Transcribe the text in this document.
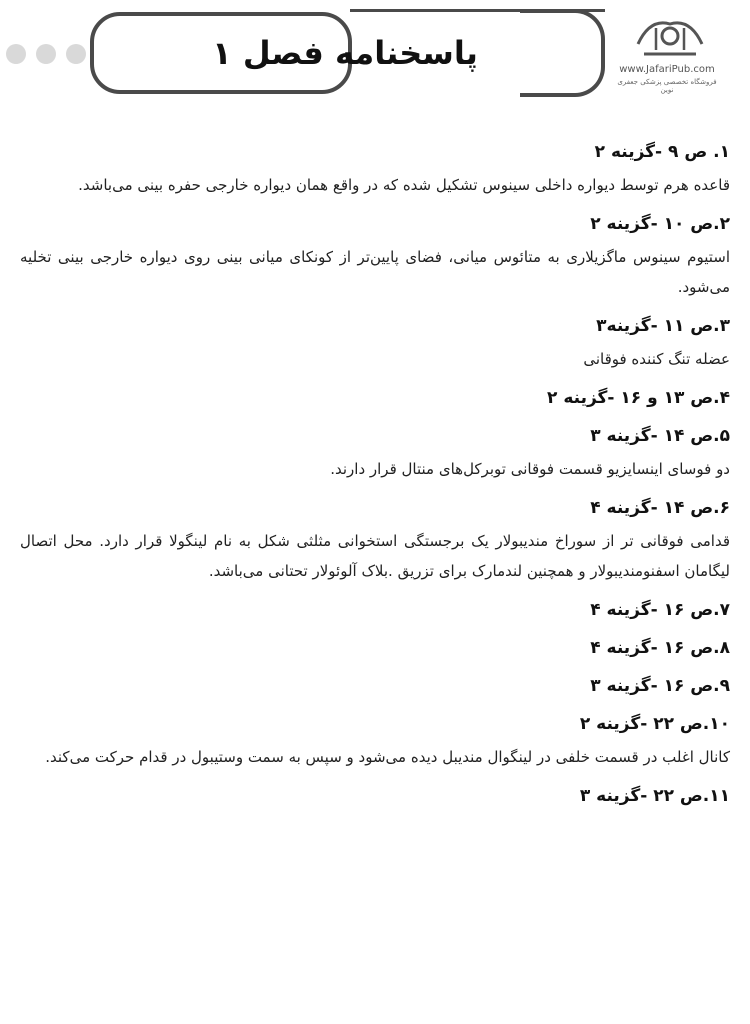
پاسخنامه فصل ۱	www.JafariPub.com
فروشگاه تخصصی پزشکی جعفری نوین

۱. ص ۹ -گزینه ۲

قاعده هرم توسط دیواره داخلی سینوس تشکیل شده که در واقع همان دیواره خارجی حفره بینی می‌باشد.

۲.ص ۱۰ -گزینه ۲

استیوم سینوس ماگزیلاری به متائوس میانی، فضای پایین‌تر از کونکای میانی بینی روی دیواره خارجی بینی تخلیه می‌شود.

۳.ص ۱۱ -گزینه۳

عضله تنگ کننده فوقانی

۴.ص ۱۳ و ۱۶ -گزینه ۲

۵.ص ۱۴ -گزینه ۳

دو فوسای اینسایزیو قسمت فوقانی توبرکل‌های منتال قرار دارند.

۶.ص ۱۴ -گزینه ۴

قدامی فوقانی تر از سوراخ مندیبولار یک برجستگی استخوانی مثلثی شکل به نام لینگولا قرار دارد. محل اتصال لیگامان اسفنومندیبولار و همچنین لندمارک برای تزریق .بلاک آلوئولار تحتانی می‌باشد.

۷.ص ۱۶ -گزینه ۴

۸.ص ۱۶ -گزینه ۴

۹.ص ۱۶ -گزینه ۳

۱۰.ص ۲۲ -گزینه ۲

کانال اغلب در قسمت خلفی در لینگوال مندیبل دیده می‌شود و سپس به سمت وستیبول در قدام حرکت می‌کند.

۱۱.ص ۲۲ -گزینه ۳
